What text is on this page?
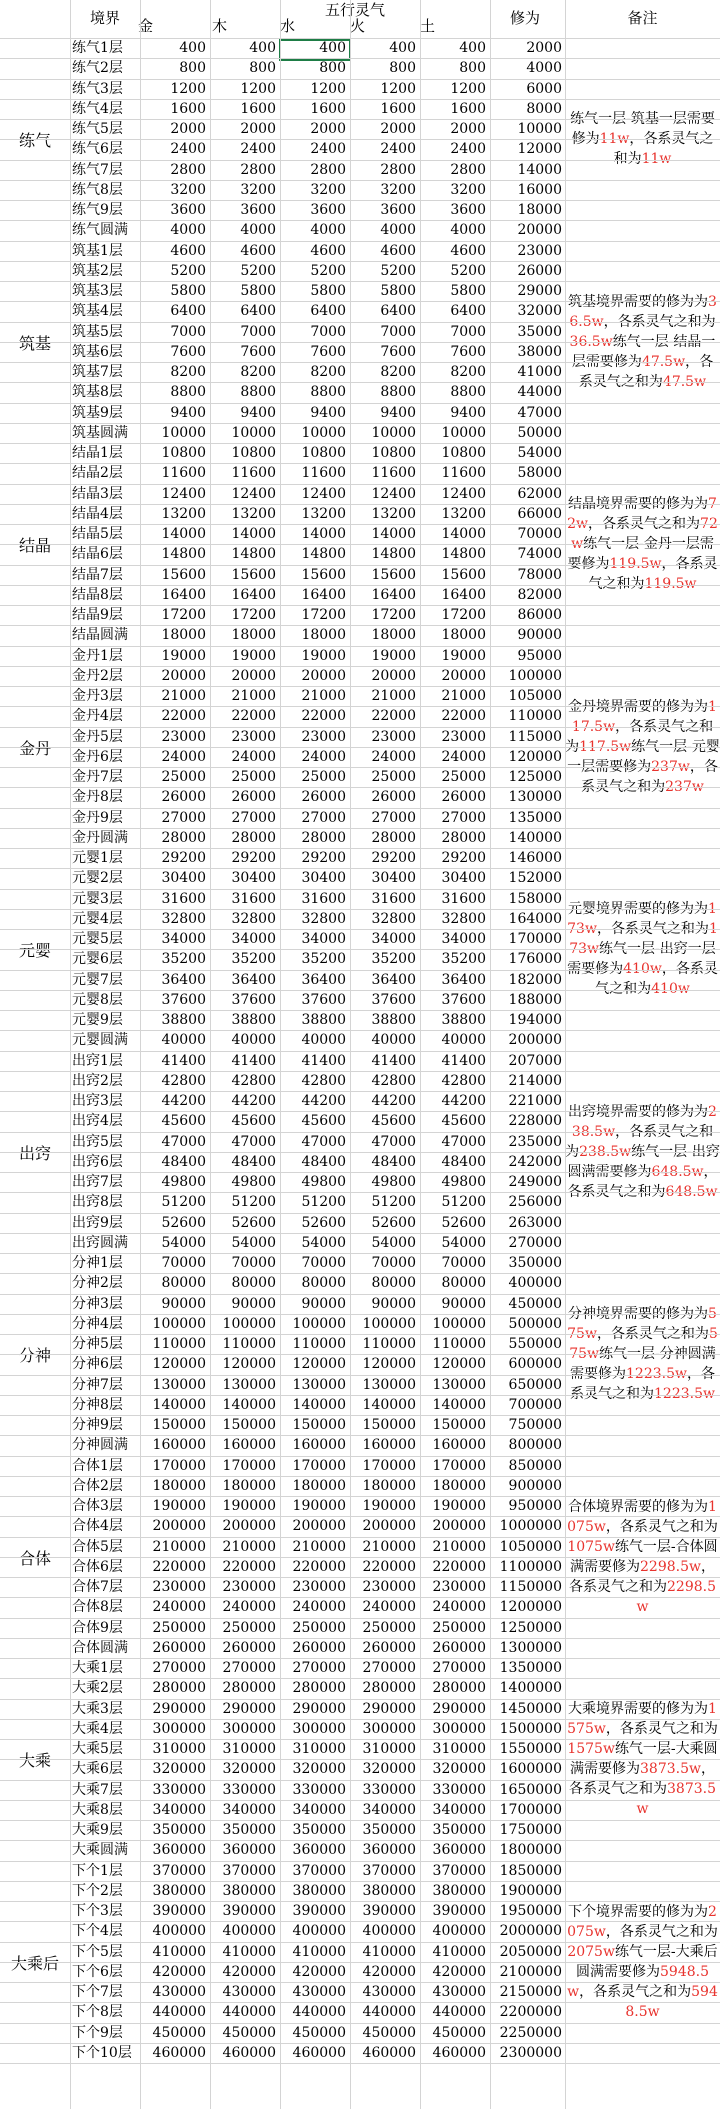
境界	五行灵气
金	木	水	火	土	修为	备注
练气
练气1层	400	400	400	400	400	2000
练气2层	800	800	800	800	800	4000
练气3层	1200	1200	1200	1200	1200	6000
练气4层	1600	1600	1600	1600	1600	8000
练气5层	2000	2000	2000	2000	2000	10000
练气6层	2400	2400	2400	2400	2400	12000
练气7层	2800	2800	2800	2800	2800	14000
练气8层	3200	3200	3200	3200	3200	16000
练气9层	3600	3600	3600	3600	3600	18000
练气圆满	4000	4000	4000	4000	4000	20000
练气一层-筑基一层需要修为11w，各系灵气之和为11w
筑基
筑基1层	4600	4600	4600	4600	4600	23000
筑基2层	5200	5200	5200	5200	5200	26000
筑基3层	5800	5800	5800	5800	5800	29000
筑基4层	6400	6400	6400	6400	6400	32000
筑基5层	7000	7000	7000	7000	7000	35000
筑基6层	7600	7600	7600	7600	7600	38000
筑基7层	8200	8200	8200	8200	8200	41000
筑基8层	8800	8800	8800	8800	8800	44000
筑基9层	9400	9400	9400	9400	9400	47000
筑基圆满	10000	10000	10000	10000	10000	50000
筑基境界需要的修为为36.5w，各系灵气之和为36.5w练气一层-结晶一层需要修为47.5w，各系灵气之和为47.5w
结晶
结晶1层	10800	10800	10800	10800	10800	54000
结晶2层	11600	11600	11600	11600	11600	58000
结晶3层	12400	12400	12400	12400	12400	62000
结晶4层	13200	13200	13200	13200	13200	66000
结晶5层	14000	14000	14000	14000	14000	70000
结晶6层	14800	14800	14800	14800	14800	74000
结晶7层	15600	15600	15600	15600	15600	78000
结晶8层	16400	16400	16400	16400	16400	82000
结晶9层	17200	17200	17200	17200	17200	86000
结晶圆满	18000	18000	18000	18000	18000	90000
结晶境界需要的修为为72w，各系灵气之和为72w练气一层-金丹一层需要修为119.5w，各系灵气之和为119.5w
金丹
金丹1层	19000	19000	19000	19000	19000	95000
金丹2层	20000	20000	20000	20000	20000	100000
金丹3层	21000	21000	21000	21000	21000	105000
金丹4层	22000	22000	22000	22000	22000	110000
金丹5层	23000	23000	23000	23000	23000	115000
金丹6层	24000	24000	24000	24000	24000	120000
金丹7层	25000	25000	25000	25000	25000	125000
金丹8层	26000	26000	26000	26000	26000	130000
金丹9层	27000	27000	27000	27000	27000	135000
金丹圆满	28000	28000	28000	28000	28000	140000
金丹境界需要的修为为117.5w，各系灵气之和为117.5w练气一层-元婴一层需要修为237w，各系灵气之和为237w
元婴
元婴1层	29200	29200	29200	29200	29200	146000
元婴2层	30400	30400	30400	30400	30400	152000
元婴3层	31600	31600	31600	31600	31600	158000
元婴4层	32800	32800	32800	32800	32800	164000
元婴5层	34000	34000	34000	34000	34000	170000
元婴6层	35200	35200	35200	35200	35200	176000
元婴7层	36400	36400	36400	36400	36400	182000
元婴8层	37600	37600	37600	37600	37600	188000
元婴9层	38800	38800	38800	38800	38800	194000
元婴圆满	40000	40000	40000	40000	40000	200000
元婴境界需要的修为为173w，各系灵气之和为173w练气一层-出窍一层需要修为410w，各系灵气之和为410w
出窍
出窍1层	41400	41400	41400	41400	41400	207000
出窍2层	42800	42800	42800	42800	42800	214000
出窍3层	44200	44200	44200	44200	44200	221000
出窍4层	45600	45600	45600	45600	45600	228000
出窍5层	47000	47000	47000	47000	47000	235000
出窍6层	48400	48400	48400	48400	48400	242000
出窍7层	49800	49800	49800	49800	49800	249000
出窍8层	51200	51200	51200	51200	51200	256000
出窍9层	52600	52600	52600	52600	52600	263000
出窍圆满	54000	54000	54000	54000	54000	270000
出窍境界需要的修为为238.5w，各系灵气之和为238.5w练气一层-出窍圆满需要修为648.5w，各系灵气之和为648.5w
分神
分神1层	70000	70000	70000	70000	70000	350000
分神2层	80000	80000	80000	80000	80000	400000
分神3层	90000	90000	90000	90000	90000	450000
分神4层	100000	100000	100000	100000	100000	500000
分神5层	110000	110000	110000	110000	110000	550000
分神6层	120000	120000	120000	120000	120000	600000
分神7层	130000	130000	130000	130000	130000	650000
分神8层	140000	140000	140000	140000	140000	700000
分神9层	150000	150000	150000	150000	150000	750000
分神圆满	160000	160000	160000	160000	160000	800000
分神境界需要的修为为575w，各系灵气之和为575w练气一层-分神圆满需要修为1223.5w，各系灵气之和为1223.5w
合体
合体1层	170000	170000	170000	170000	170000	850000
合体2层	180000	180000	180000	180000	180000	900000
合体3层	190000	190000	190000	190000	190000	950000
合体4层	200000	200000	200000	200000	200000 1000000
合体5层	210000	210000	210000	210000	210000 1050000
合体6层	220000	220000	220000	220000	220000 1100000
合体7层	230000	230000	230000	230000	230000 1150000
合体8层	240000	240000	240000	240000	240000 1200000
合体9层	250000	250000	250000	250000	250000 1250000
合体圆满	260000	260000	260000	260000	260000 1300000
合体境界需要的修为为1075w，各系灵气之和为1075w练气一层-合体圆满需要修为2298.5w，各系灵气之和为2298.5w
大乘
大乘1层	270000	270000	270000	270000	270000 1350000
大乘2层	280000	280000	280000	280000	280000 1400000
大乘3层	290000	290000	290000	290000	290000 1450000
大乘4层	300000	300000	300000	300000	300000 1500000
大乘5层	310000	310000	310000	310000	310000 1550000
大乘6层	320000	320000	320000	320000	320000 1600000
大乘7层	330000	330000	330000	330000	330000 1650000
大乘8层	340000	340000	340000	340000	340000 1700000
大乘9层	350000	350000	350000	350000	350000 1750000
大乘圆满	360000	360000	360000	360000	360000 1800000
大乘境界需要的修为为1575w，各系灵气之和为1575w练气一层-大乘圆满需要修为3873.5w，各系灵气之和为3873.5w
大乘后
下个1层	370000	370000	370000	370000	370000 1850000
下个2层	380000	380000	380000	380000	380000 1900000
下个3层	390000	390000	390000	390000	390000 1950000
下个4层	400000	400000	400000	400000	400000 2000000
下个5层	410000	410000	410000	410000	410000 2050000
下个6层	420000	420000	420000	420000	420000 2100000
下个7层	430000	430000	430000	430000	430000 2150000
下个8层	440000	440000	440000	440000	440000 2200000
下个9层	450000	450000	450000	450000	450000 2250000
下个10层	460000	460000	460000	460000	460000 2300000
下个境界需要的修为为2075w，各系灵气之和为2075w练气一层-大乘后圆满需要修为5948.5w，各系灵气之和为5948.5w
